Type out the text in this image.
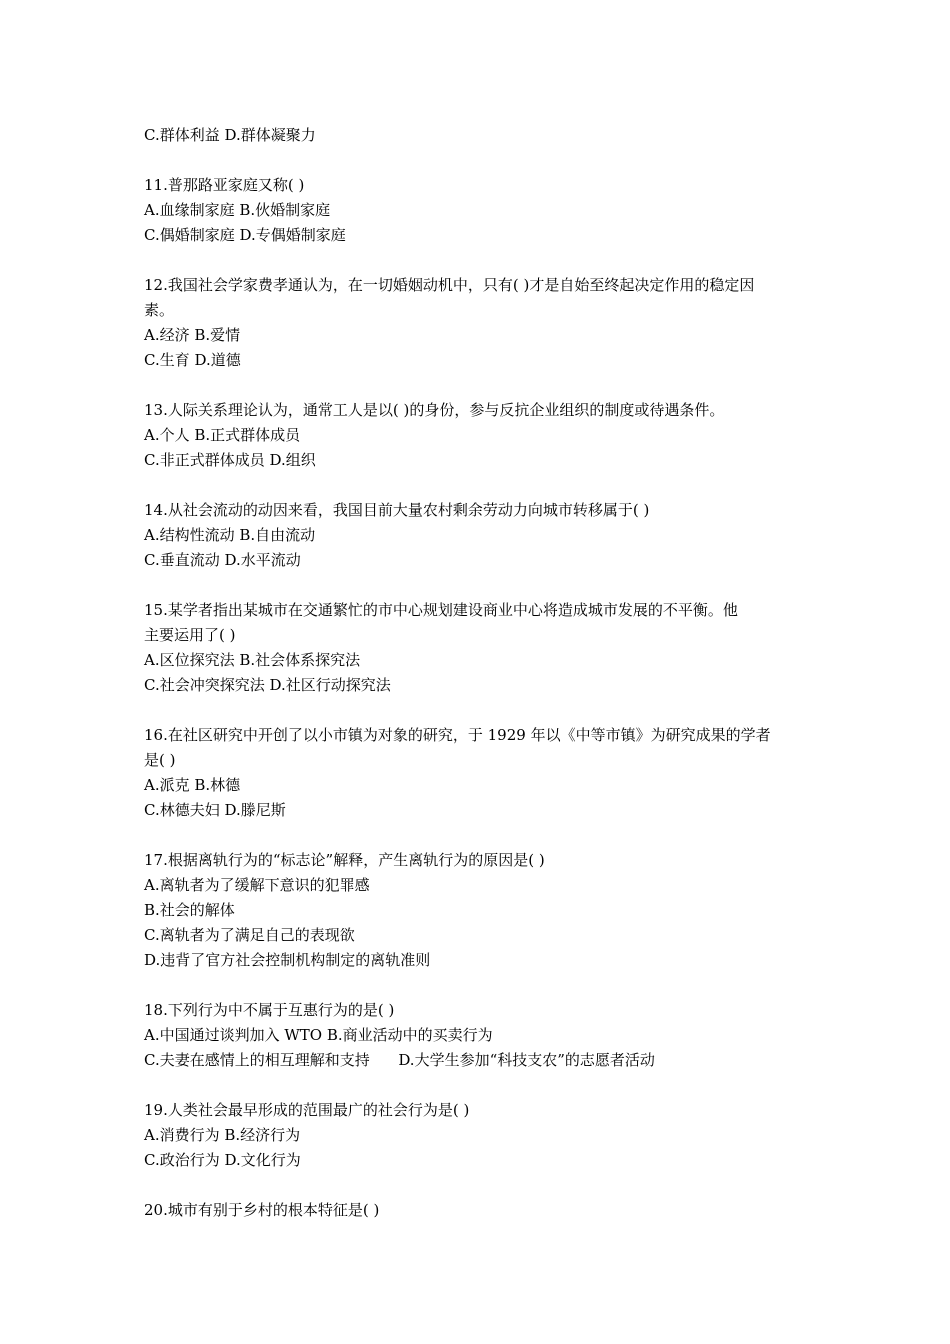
C.群体利益 D.群体凝聚力
11.普那路亚家庭又称( )
A.血缘制家庭 B.伙婚制家庭
C.偶婚制家庭 D.专偶婚制家庭
12.我国社会学家费孝通认为，在一切婚姻动机中，只有( )才是自始至终起决定作用的稳定因
素。
A.经济 B.爱情
C.生育 D.道德
13.人际关系理论认为，通常工人是以( )的身份，参与反抗企业组织的制度或待遇条件。
A.个人 B.正式群体成员
C.非正式群体成员 D.组织
14.从社会流动的动因来看，我国目前大量农村剩余劳动力向城市转移属于( )
A.结构性流动 B.自由流动
C.垂直流动 D.水平流动
15.某学者指出某城市在交通繁忙的市中心规划建设商业中心将造成城市发展的不平衡。他
主要运用了( )
A.区位探究法 B.社会体系探究法
C.社会冲突探究法 D.社区行动探究法
16.在社区研究中开创了以小市镇为对象的研究，于 1929 年以《中等市镇》为研究成果的学者
是( )
A.派克 B.林德
C.林德夫妇 D.滕尼斯
17.根据离轨行为的“标志论”解释，产生离轨行为的原因是( )
A.离轨者为了缓解下意识的犯罪感
B.社会的解体
C.离轨者为了满足自己的表现欲
D.违背了官方社会控制机构制定的离轨准则
18.下列行为中不属于互惠行为的是( )
A.中国通过谈判加入 WTO B.商业活动中的买卖行为
C.夫妻在感情上的相互理解和支持      D.大学生参加“科技支农”的志愿者活动
19.人类社会最早形成的范围最广的社会行为是( )
A.消费行为 B.经济行为
C.政治行为 D.文化行为
20.城市有别于乡村的根本特征是( )
